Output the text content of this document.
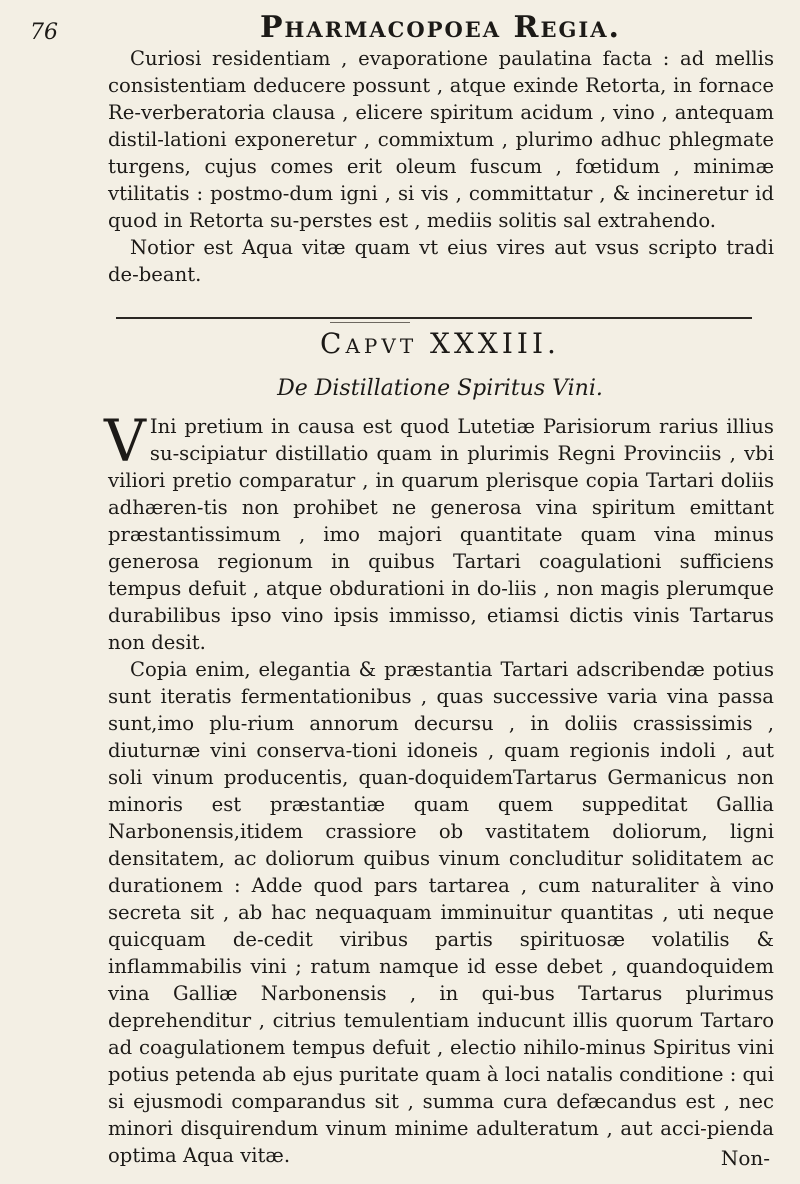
76	Pharmacopoea Regia.

Curiosi residentiam , evaporatione paulatina facta : ad mellis consistentiam deducere possunt , atque exinde Retorta, in fornace Re-verberatoria clausa , elicere spiritum acidum , vino , antequam distil-lationi exponeretur , commixtum , plurimo adhuc phlegmate turgens, cujus comes erit oleum fuscum , fœtidum , minimæ vtilitatis : postmo-dum igni , si vis , committatur , & incineretur id quod in Retorta su-perstes est , mediis solitis sal extrahendo.

Notior est Aqua vitæ quam vt eius vires aut vsus scripto tradi de-beant.

Capvt XXXIII.
De Distillatione Spiritus Vini.

V Ini pretium in causa est quod Lutetiæ Parisiorum rarius illius su-scipiatur distillatio quam in plurimis Regni Provinciis , vbi viliori pretio comparatur , in quarum plerisque copia Tartari doliis adhæren-tis non prohibet ne generosa vina spiritum emittant præstantissimum , imo majori quantitate quam vina minus generosa regionum in quibus Tartari coagulationi sufficiens tempus defuit , atque obdurationi in do-liis , non magis plerumque durabilibus ipso vino ipsis immisso, etiamsi dictis vinis Tartarus non desit.

Copia enim, elegantia & præstantia Tartari adscribendæ potius sunt iteratis fermentationibus , quas successive varia vina passa sunt,imo plu-rium annorum decursu , in doliis crassissimis , diuturnæ vini conserva-tioni idoneis , quam regionis indoli , aut soli vinum producentis, quan-doquidemTartarus Germanicus non minoris est præstantiæ quam quem suppeditat Gallia Narbonensis,itidem crassiore ob vastitatem doliorum, ligni densitatem, ac doliorum quibus vinum concluditur soliditatem ac durationem : Adde quod pars tartarea , cum naturaliter à vino secreta sit , ab hac nequaquam imminuitur quantitas , uti neque quicquam de-cedit viribus partis spirituosæ volatilis & inflammabilis vini ; ratum namque id esse debet , quandoquidem vina Galliæ Narbonensis , in qui-bus Tartarus plurimus deprehenditur , citrius temulentiam inducunt illis quorum Tartaro ad coagulationem tempus defuit , electio nihilo-minus Spiritus vini potius petenda ab ejus puritate quam à loci natalis conditione : qui si ejusmodi comparandus sit , summa cura defæcandus est , nec minori disquirendum vinum minime adulteratum , aut acci-pienda optima Aqua vitæ.	Non-
